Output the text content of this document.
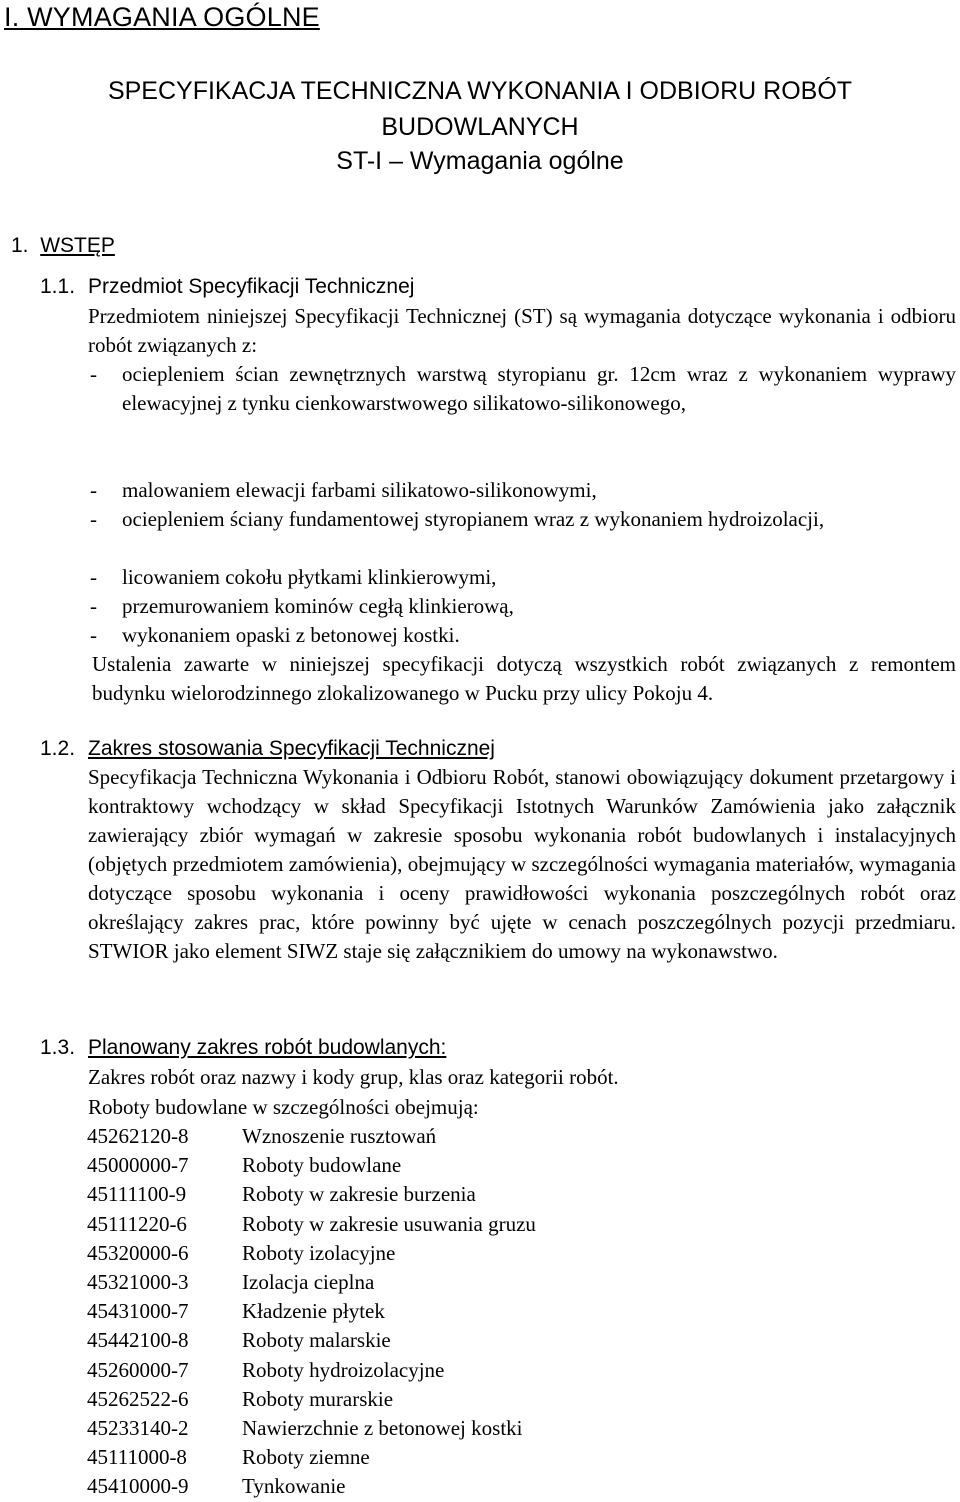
I. WYMAGANIA OGÓLNE
SPECYFIKACJA TECHNICZNA WYKONANIA I ODBIORU ROBÓT
BUDOWLANYCH
ST-I – Wymagania ogólne
1. WSTĘP
1.1. Przedmiot Specyfikacji Technicznej
Przedmiotem niniejszej Specyfikacji Technicznej (ST) są wymagania dotyczące wykonania i odbioru robót związanych z:
- ociepleniem ścian zewnętrznych warstwą styropianu gr. 12cm wraz z wykonaniem wyprawy elewacyjnej z tynku cienkowarstwowego silikatowo-silikonowego,
- malowaniem elewacji farbami silikatowo-silikonowymi,
- ociepleniem ściany fundamentowej styropianem wraz z wykonaniem hydroizolacji,
- licowaniem cokołu płytkami klinkierowymi,
- przemurowaniem kominów cegłą klinkierową,
- wykonaniem opaski z betonowej kostki.
Ustalenia zawarte w niniejszej specyfikacji dotyczą wszystkich robót związanych z remontem budynku wielorodzinnego zlokalizowanego w Pucku przy ulicy Pokoju 4.
1.2. Zakres stosowania Specyfikacji Technicznej
Specyfikacja Techniczna Wykonania i Odbioru Robót, stanowi obowiązujący dokument przetargowy i kontraktowy wchodzący w skład Specyfikacji Istotnych Warunków Zamówienia jako załącznik zawierający zbiór wymagań w zakresie sposobu wykonania robót budowlanych i instalacyjnych (objętych przedmiotem zamówienia), obejmujący w szczególności wymagania materiałów, wymagania dotyczące sposobu wykonania i oceny prawidłowości wykonania poszczególnych robót oraz określający zakres prac, które powinny być ujęte w cenach poszczególnych pozycji przedmiaru. STWIOR jako element SIWZ staje się załącznikiem do umowy na wykonawstwo.
1.3. Planowany zakres robót budowlanych:
Zakres robót oraz nazwy i kody grup, klas oraz kategorii robót.
Roboty budowlane w szczególności obejmują:
45262120-8	Wznoszenie rusztowań
45000000-7	Roboty budowlane
45111100-9	Roboty w zakresie burzenia
45111220-6	Roboty w zakresie usuwania gruzu
45320000-6	Roboty izolacyjne
45321000-3	Izolacja cieplna
45431000-7	Kładzenie płytek
45442100-8	Roboty malarskie
45260000-7	Roboty hydroizolacyjne
45262522-6	Roboty murarskie
45233140-2	Nawierzchnie z betonowej kostki
45111000-8	Roboty ziemne
45410000-9	Tynkowanie
